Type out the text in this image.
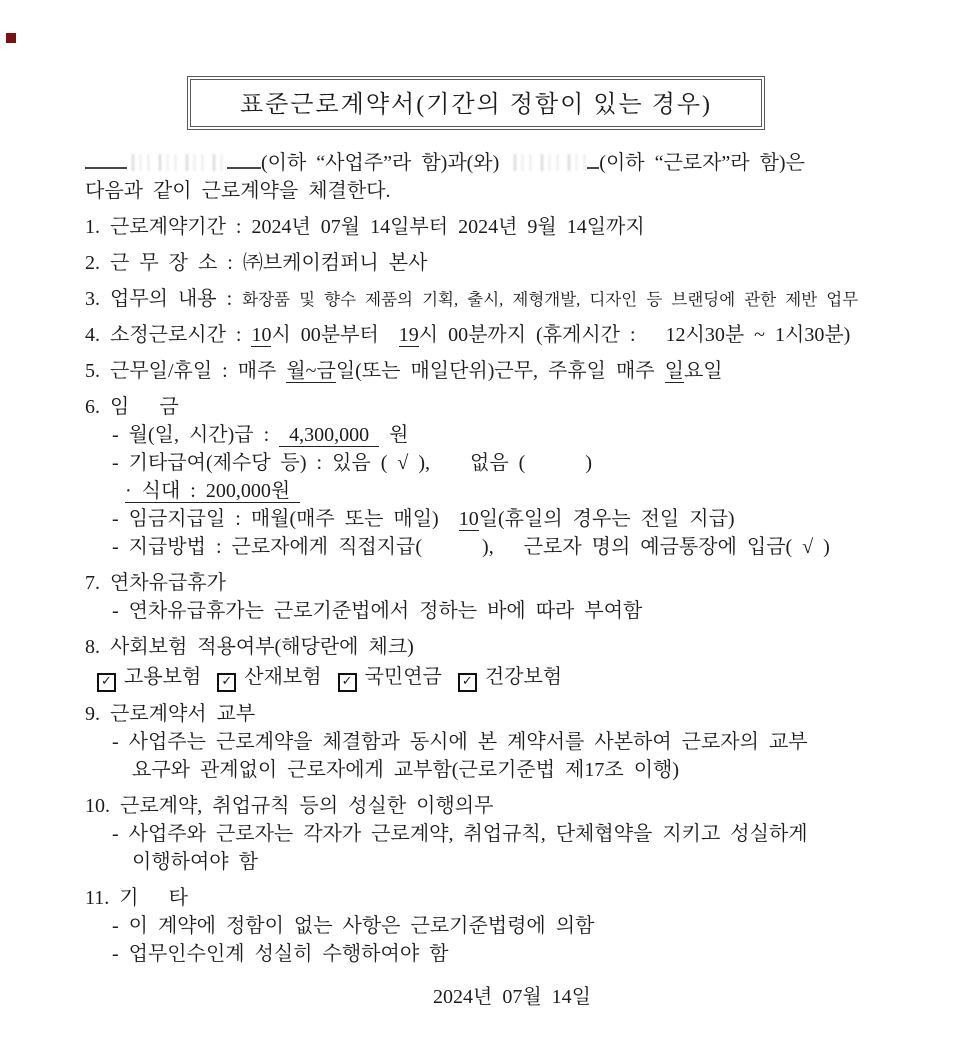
표준근로계약서(기간의 정함이 있는 경우)
(이하 “사업주”라 함)과(와)	(이하 “근로자”라 함)은
다음과 같이 근로계약을 체결한다.
1. 근로계약기간 : 2024년 07월 14일부터 2024년 9월 14일까지
2. 근 무 장 소 : ㈜브케이컴퍼니 본사
3. 업무의 내용 : 화장품 및 향수 제품의 기획, 출시, 제형개발, 디자인 등 브랜딩에 관한 제반 업무
4. 소정근로시간 : 10시 00분부터  19시 00분까지 (휴게시간 :   12시30분 ~ 1시30분)
5. 근무일/휴일 : 매주 월~금일(또는 매일단위)근무, 주휴일 매주 일요일
6. 임   금
- 월(일, 시간)급 :  4,300,000  원
- 기타급여(제수당 등) : 있음 ( √ ),    없음 (      )
· 식대 : 200,000원
- 임금지급일 : 매월(매주 또는 매일)  10일(휴일의 경우는 전일 지급)
- 지급방법 : 근로자에게 직접지급(      ),   근로자 명의 예금통장에 입금( √ )
7. 연차유급휴가
- 연차유급휴가는 근로기준법에서 정하는 바에 따라 부여함
8. 사회보험 적용여부(해당란에 체크)
✓ 고용보험 ✓ 산재보험 ✓ 국민연금 ✓ 건강보험
9. 근로계약서 교부
- 사업주는 근로계약을 체결함과 동시에 본 계약서를 사본하여 근로자의 교부
요구와 관계없이 근로자에게 교부함(근로기준법 제17조 이행)
10. 근로계약, 취업규칙 등의 성실한 이행의무
- 사업주와 근로자는 각자가 근로계약, 취업규칙, 단체협약을 지키고 성실하게
이행하여야 함
11. 기   타
- 이 계약에 정함이 없는 사항은 근로기준법령에 의함
- 업무인수인계 성실히 수행하여야 함
2024년 07월 14일
